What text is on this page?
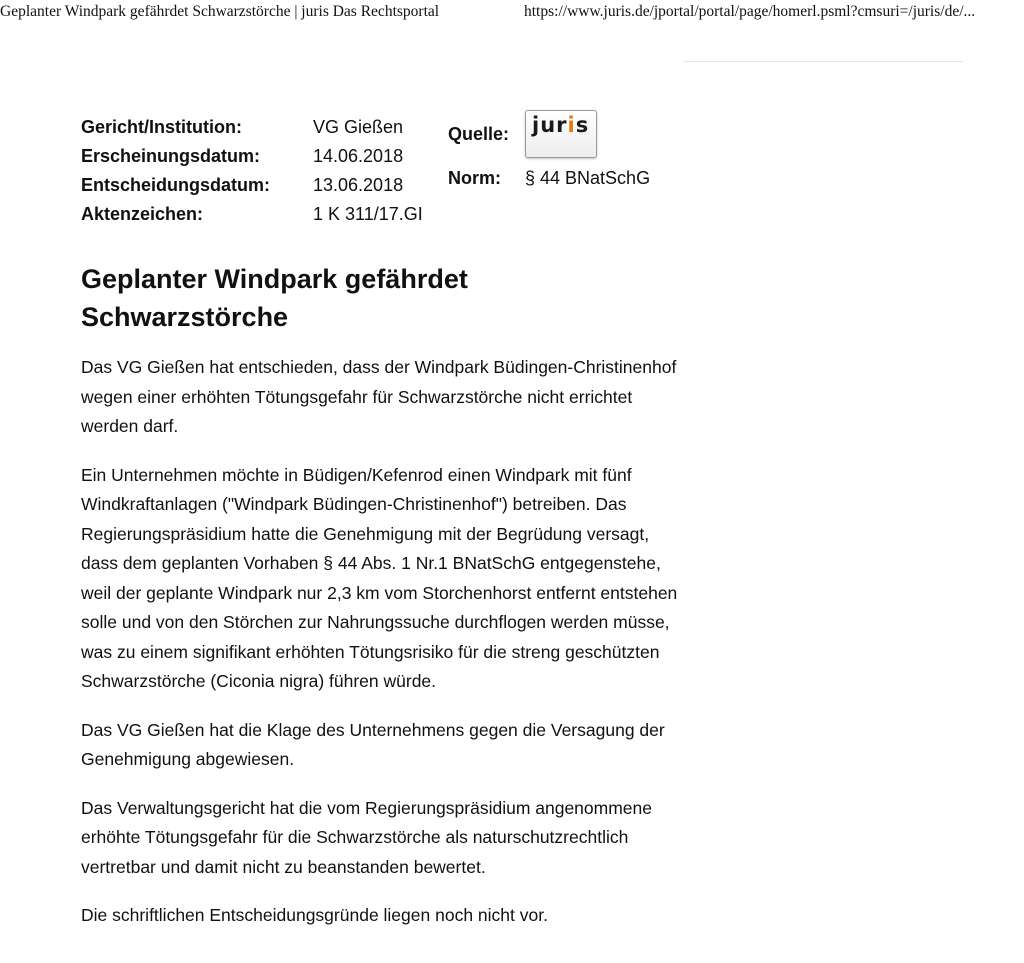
Geplanter Windpark gefährdet Schwarzstörche | juris Das Rechtsportal	https://www.juris.de/jportal/portal/page/homerl.psml?cmsuri=/juris/de/...
Gericht/Institution:	VG Gießen
Erscheinungsdatum:	14.06.2018
Entscheidungsdatum:	13.06.2018
Aktenzeichen:	1 K 311/17.GI
Quelle: juris
Norm: § 44 BNatSchG
Geplanter Windpark gefährdet Schwarzstörche

Das VG Gießen hat entschieden, dass der Windpark Büdingen-Christinenhof wegen einer erhöhten Tötungsgefahr für Schwarzstörche nicht errichtet werden darf.

Ein Unternehmen möchte in Büdigen/Kefenrod einen Windpark mit fünf Windkraftanlagen ("Windpark Büdingen-Christinenhof") betreiben. Das Regierungspräsidium hatte die Genehmigung mit der Begrüdung versagt, dass dem geplanten Vorhaben § 44 Abs. 1 Nr.1 BNatSchG entgegenstehe, weil der geplante Windpark nur 2,3 km vom Storchenhorst entfernt entstehen solle und von den Störchen zur Nahrungssuche durchflogen werden müsse, was zu einem signifikant erhöhten Tötungsrisiko für die streng geschützten Schwarzstörche (Ciconia nigra) führen würde.

Das VG Gießen hat die Klage des Unternehmens gegen die Versagung der Genehmigung abgewiesen.

Das Verwaltungsgericht hat die vom Regierungspräsidium angenommene erhöhte Tötungsgefahr für die Schwarzstörche als naturschutzrechtlich vertretbar und damit nicht zu beanstanden bewertet.

Die schriftlichen Entscheidungsgründe liegen noch nicht vor.
